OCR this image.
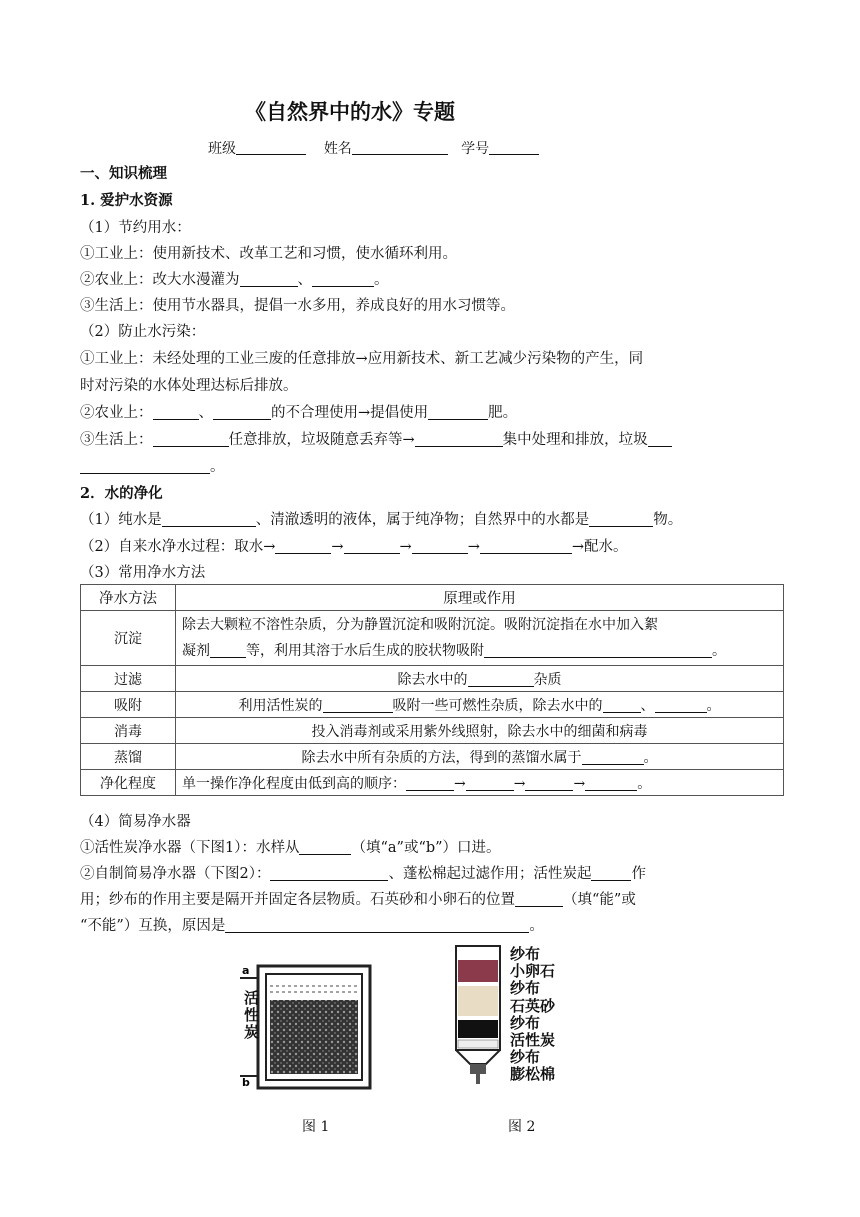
《自然界中的水》专题
班级	姓名	学号
一、知识梳理
1. 爱护水资源
（1）节约用水：
①工业上：使用新技术、改革工艺和习惯，使水循环利用。
②农业上：改大水漫灌为	、	。
③生活上：使用节水器具，提倡一水多用，养成良好的用水习惯等。
（2）防止水污染：
①工业上：未经处理的工业三废的任意排放→应用新技术、新工艺减少污染物的产生，同
时对污染的水体处理达标后排放。
②农业上：	、	的不合理使用→提倡使用	肥。
③生活上：	任意排放，垃圾随意丢弃等→	集中处理和排放，垃圾
。
2．水的净化
（1）纯水是	、清澈透明的液体，属于纯净物；自然界中的水都是	物。
（2）自来水净水过程：取水→	→	→	→	→配水。
（3）常用净水方法
净水方法	原理或作用
沉淀	除去大颗粒不溶性杂质，分为静置沉淀和吸附沉淀。吸附沉淀指在水中加入絮
凝剂 等，利用其溶于水后生成的胶状物吸附 。
过滤	除去水中的 杂质
吸附	利用活性炭的 吸附一些可燃性杂质，除去水中的 、 。
消毒	投入消毒剂或采用紫外线照射，除去水中的细菌和病毒
蒸馏	除去水中所有杂质的方法，得到的蒸馏水属于 。
净化程度	单一操作净化程度由低到高的顺序： → → → 。
（4）简易净水器
①活性炭净水器（下图1）：水样从	（填“a”或“b”）口进。
②自制简易净水器（下图2）：	、蓬松棉起过滤作用；活性炭起	作
用；纱布的作用主要是隔开并固定各层物质。石英砂和小卵石的位置	（填“能”或
“不能”）互换，原因是	。
a
b
活性炭
纱布
小卵石
纱布
石英砂
纱布
活性炭
纱布
膨松棉
图 1	图 2
